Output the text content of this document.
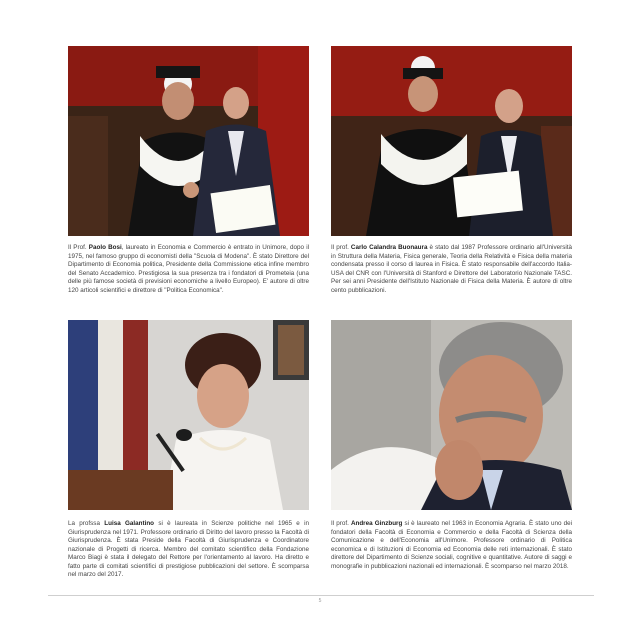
Il Prof. Paolo Bosi, laureato in Economia e Commercio è entrato in Unimore, dopo il 1975, nel famoso gruppo di economisti della "Scuola di Modena". È stato Direttore del Dipartimento di Economia politica, Presidente della Commissione etica infine membro del Senato Accademico. Prestigiosa la sua presenza tra i fondatori di Prometeia (una delle più famose società di previsioni economiche a livello Europeo). E' autore di oltre 120 articoli scientifici e direttore di "Politica Economica".

Il prof. Carlo Calandra Buonaura è stato dal 1987 Professore ordinario all'Università in Struttura della Materia, Fisica generale, Teoria della Relatività e Fisica della materia condensata presso il corso di laurea in Fisica. È stato responsabile dell'accordo Italia-USA del CNR con l'Università di Stanford e Direttore del Laboratorio Nazionale TASC. Per sei anni Presidente dell'Istituto Nazionale di Fisica della Materia. È autore di oltre cento pubblicazioni.

La profssa Luisa Galantino si è laureata in Scienze politiche nel 1965 e in Giurisprudenza nel 1971. Professore ordinario di Diritto del lavoro presso la Facoltà di Giurisprudenza. È stata Preside della Facoltà di Giurisprudenza e Coordinatore nazionale di Progetti di ricerca. Membro del comitato scientifico della Fondazione Marco Biagi è stata il delegato del Rettore per l'orientamento al lavoro. Ha diretto e fatto parte di comitati scientifici di prestigiose pubblicazioni del settore. È scomparsa nel marzo del 2017.

Il prof. Andrea Ginzburg si è laureato nel 1963 in Economia Agraria. È stato uno dei fondatori della Facoltà di Economia e Commercio e della Facoltà di Scienza della Comunicazione e dell'Economia all'Unimore. Professore ordinario di Politica economica e di Istituzioni di Economia ed Economia delle reti internazionali. È stato direttore del Dipartimento di Scienze sociali, cognitive e quantitative. Autore di saggi e monografie in pubblicazioni nazionali ed internazionali. È scomparso nel marzo 2018.

5
